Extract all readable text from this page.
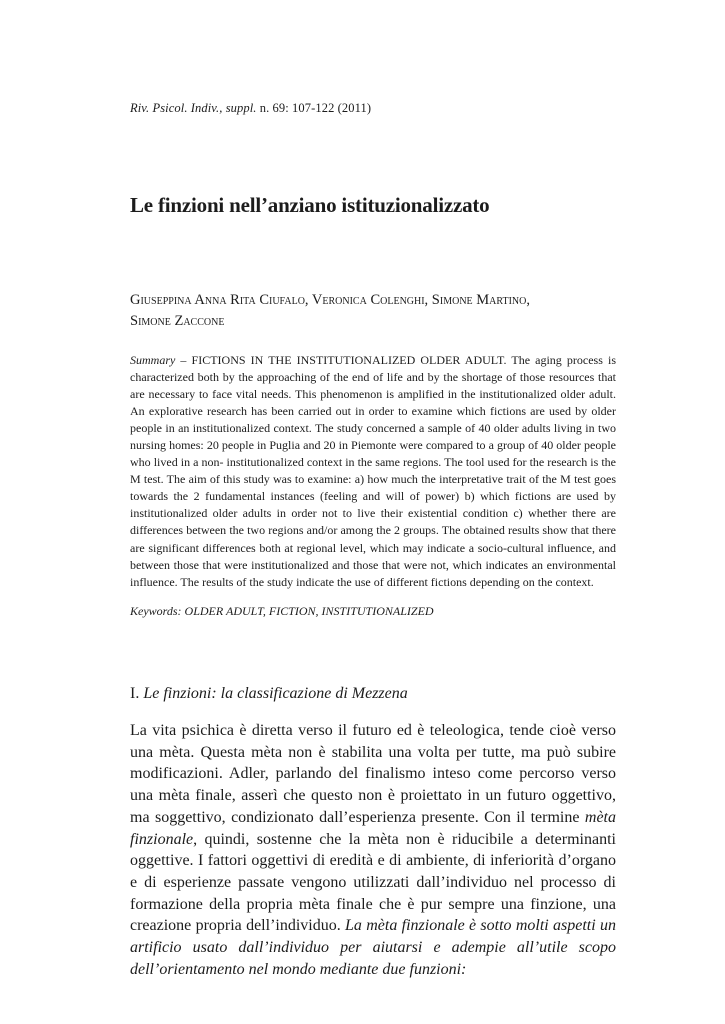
Riv. Psicol. Indiv., suppl. n. 69: 107-122 (2011)
Le finzioni nell’anziano istituzionalizzato
Giuseppina Anna Rita Ciufalo, Veronica Colenghi, Simone Martino,
Simone Zaccone

Summary – FICTIONS IN THE INSTITUTIONALIZED OLDER ADULT. The aging process is characterized both by the approaching of the end of life and by the shortage of those resources that are necessary to face vital needs. This phenomenon is amplified in the institutionalized older adult. An explorative research has been carried out in order to examine which fictions are used by older people in an institutionalized context. The study concerned a sample of 40 older adults living in two nursing homes: 20 people in Puglia and 20 in Piemonte were compared to a group of 40 older people who lived in a non- institutionalized context in the same regions. The tool used for the research is the M test. The aim of this study was to examine: a) how much the interpretative trait of the M test goes towards the 2 fundamental instances (feeling and will of power) b) which fictions are used by institutionalized older adults in order not to live their existential condition c) whether there are differences between the two regions and/or among the 2 groups. The obtained results show that there are significant differences both at regional level, which may indicate a socio-cultural influence, and between those that were institutionalized and those that were not, which indicates an environmental influence. The results of the study indicate the use of different fictions depending on the context.

Keywords: OLDER ADULT, FICTION, INSTITUTIONALIZED
I. Le finzioni: la classificazione di Mezzena

La vita psichica è diretta verso il futuro ed è teleologica, tende cioè verso una mèta. Questa mèta non è stabilita una volta per tutte, ma può subire modificazioni. Adler, parlando del finalismo inteso come percorso verso una mèta finale, asserì che questo non è proiettato in un futuro oggettivo, ma soggettivo, condizionato dall’esperienza presente. Con il termine mèta finzionale, quindi, sostenne che la mèta non è riducibile a determinanti oggettive. I fattori oggettivi di eredità e di ambiente, di inferiorità d’organo e di esperienze passate vengono utilizzati dall’individuo nel processo di formazione della propria mèta finale che è pur sempre una finzione, una creazione propria dell’individuo. La mèta finzionale è sotto molti aspetti un artificio usato dall’individuo per aiutarsi e adempie all’utile scopo dell’orientamento nel mondo mediante due funzioni:
